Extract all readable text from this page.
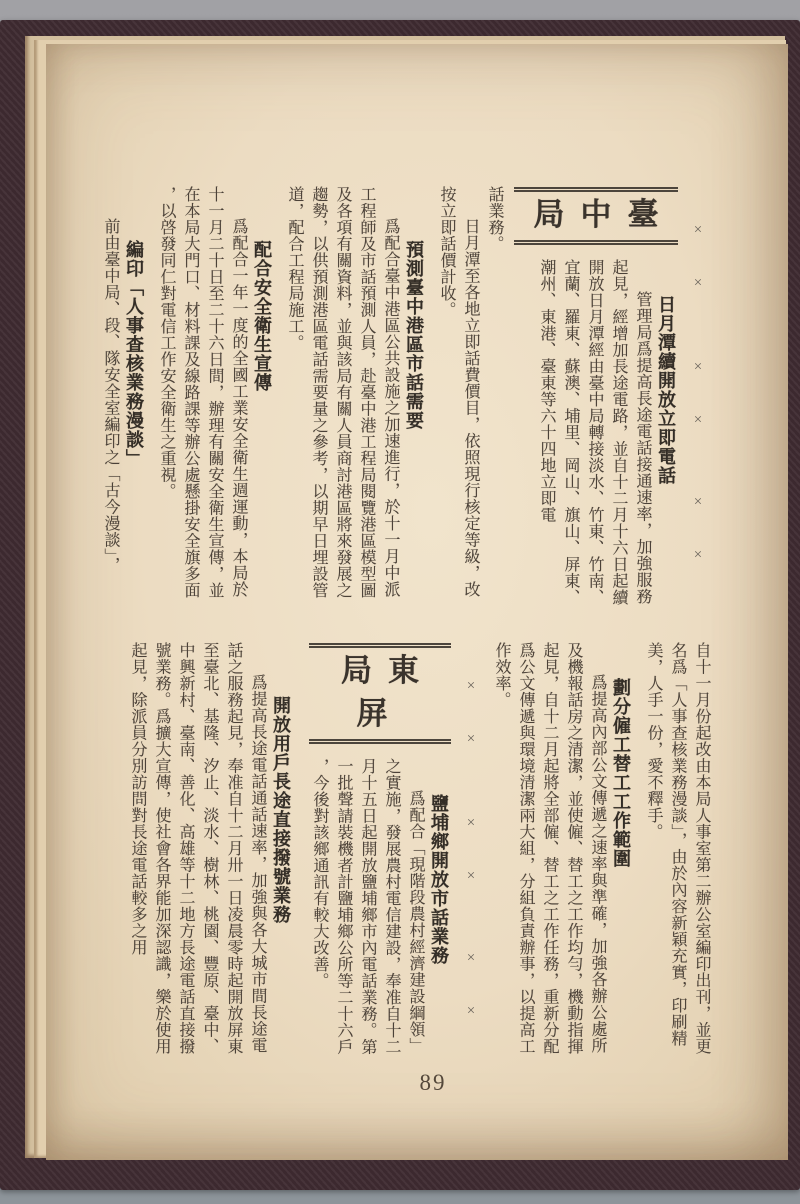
×
×
×
×
×
×
局中臺
日月潭續開放立即電話

管理局爲提高長途電話接通速率，加強服務起見，經增加長途電路，並自十二月十六日起續開放日月潭經由臺中局轉接淡水、竹東、竹南、宜蘭、羅東、蘇澳、埔里、岡山、旗山、屏東、潮州、東港、臺東等六十四地立即電

話業務。

日月潭至各地立即話費價目，依照現行核定等級，改按立即話價計收。

預測臺中港區市話需要

爲配合臺中港區公共設施之加速進行，於十一月中派工程師及市話預測人員，赴臺中港工程局閱覽港區模型圖及各項有關資料，並與該局有關人員商討港區將來發展之趨勢，以供預測港區電話需要量之參考，以期早日埋設管道，配合工程局施工。

配合安全衛生宣傳

爲配合一年一度的全國工業安全衛生週運動，本局於十一月二十日至二十六日間，辦理有關安全衛生宣傳，並在本局大門口、材料課及線路課等辦公處懸掛安全旗多面，以啓發同仁對電信工作安全衛生之重視。

編印「人事查核業務漫談」

前由臺中局、段、隊安全室編印之「古今漫談」，

自十一月份起改由本局人事室第二辦公室編印出刊，並更名爲「人事查核業務漫談」，由於內容新穎充實，印刷精美，人手一份，愛不釋手。

劃分僱工替工工作範圍

爲提高內部公文傳遞之速率與準確，加強各辦公處所及機報話房之清潔，並使僱、替工之工作均勻，機動指揮起見，自十二月起將全部僱、替工之工作任務，重新分配爲公文傳遞與環境清潔兩大組，分組負責辦事，以提高工作效率。

×
×
×
×
×
×
局東屏
鹽埔鄉開放市話業務

爲配合「現階段農村經濟建設綱領」之實施，發展農村電信建設，奉准自十二月十五日起開放鹽埔鄉市內電話業務。第一批聲請裝機者計鹽埔鄉公所等二十六戶，今後對該鄉通訊有較大改善。

開放用戶長途直接撥號業務

爲提高長途電話通話速率，加強與各大城市間長途電話之服務起見，奉准自十二月卅一日凌晨零時起開放屏東至臺北、基隆、汐止、淡水、樹林、桃園、豐原、臺中、中興新村、臺南、善化、高雄等十二地方長途電話直接撥號業務。爲擴大宣傳，使社會各界能加深認識，樂於使用起見，除派員分別訪問對長途電話較多之用

89
